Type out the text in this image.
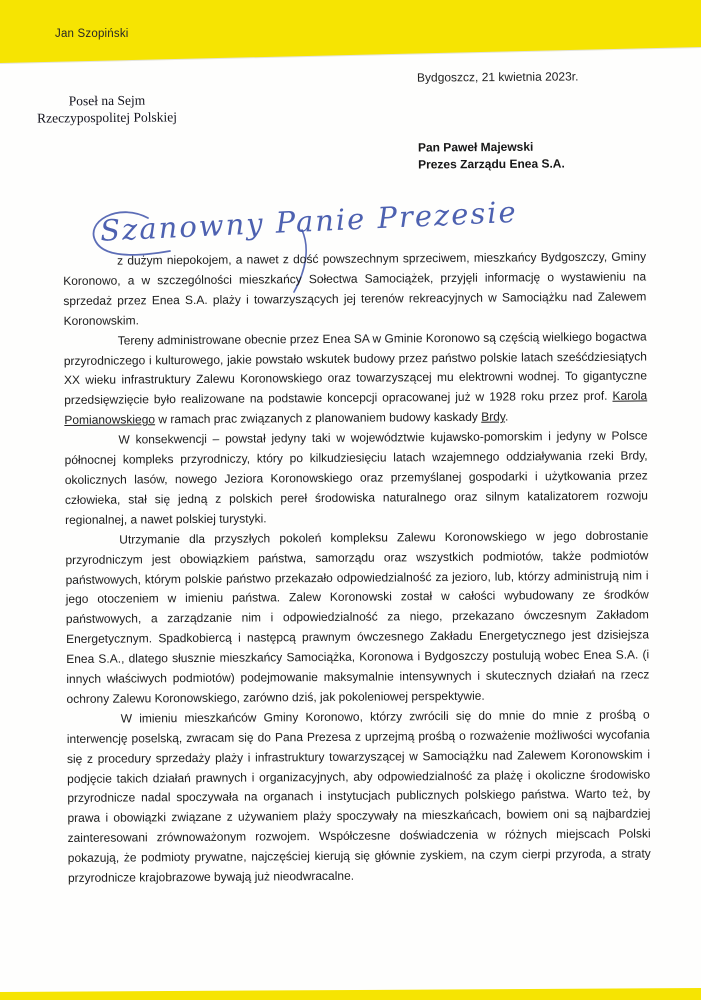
Jan Szopiński
Bydgoszcz, 21 kwietnia 2023r.
Poseł na Sejm
Rzeczypospolitej Polskiej
Pan Paweł Majewski
Prezes Zarządu Enea S.A.
Szanowny Panie Prezesie

z dużym niepokojem, a nawet z dość powszechnym sprzeciwem, mieszkańcy Bydgoszczy, Gminy Koronowo, a w szczególności mieszkańcy Sołectwa Samociążek, przyjęli informację o wystawieniu na sprzedaż przez Enea S.A. plaży i towarzyszących jej terenów rekreacyjnych w Samociążku nad Zalewem Koronowskim.

Tereny administrowane obecnie przez Enea SA w Gminie Koronowo są częścią wielkiego bogactwa przyrodniczego i kulturowego, jakie powstało wskutek budowy przez państwo polskie latach sześćdziesiątych XX wieku infrastruktury Zalewu Koronowskiego oraz towarzyszącej mu elektrowni wodnej. To gigantyczne przedsięwzięcie było realizowane na podstawie koncepcji opracowanej już w 1928 roku przez prof. Karola Pomianowskiego w ramach prac związanych z planowaniem budowy kaskady Brdy.

W konsekwencji – powstał jedyny taki w województwie kujawsko-pomorskim i jedyny w Polsce północnej kompleks przyrodniczy, który po kilkudziesięciu latach wzajemnego oddziaływania rzeki Brdy, okolicznych lasów, nowego Jeziora Koronowskiego oraz przemyślanej gospodarki i użytkowania przez człowieka, stał się jedną z polskich pereł środowiska naturalnego oraz silnym katalizatorem rozwoju regionalnej, a nawet polskiej turystyki.

Utrzymanie dla przyszłych pokoleń kompleksu Zalewu Koronowskiego w jego dobrostanie przyrodniczym jest obowiązkiem państwa, samorządu oraz wszystkich podmiotów, także podmiotów państwowych, którym polskie państwo przekazało odpowiedzialność za jezioro, lub, którzy administrują nim i jego otoczeniem w imieniu państwa. Zalew Koronowski został w całości wybudowany ze środków państwowych, a zarządzanie nim i odpowiedzialność za niego, przekazano ówczesnym Zakładom Energetycznym. Spadkobiercą i następcą prawnym ówczesnego Zakładu Energetycznego jest dzisiejsza Enea S.A., dlatego słusznie mieszkańcy Samociążka, Koronowa i Bydgoszczy postulują wobec Enea S.A. (i innych właściwych podmiotów) podejmowanie maksymalnie intensywnych i skutecznych działań na rzecz ochrony Zalewu Koronowskiego, zarówno dziś, jak pokoleniowej perspektywie.

W imieniu mieszkańców Gminy Koronowo, którzy zwrócili się do mnie do mnie z prośbą o interwencję poselską, zwracam się do Pana Prezesa z uprzejmą prośbą o rozważenie możliwości wycofania się z procedury sprzedaży plaży i infrastruktury towarzyszącej w Samociążku nad Zalewem Koronowskim i podjęcie takich działań prawnych i organizacyjnych, aby odpowiedzialność za plażę i okoliczne środowisko przyrodnicze nadal spoczywała na organach i instytucjach publicznych polskiego państwa. Warto też, by prawa i obowiązki związane z używaniem plaży spoczywały na mieszkańcach, bowiem oni są najbardziej zainteresowani zrównoważonym rozwojem. Współczesne doświadczenia w różnych miejscach Polski pokazują, że podmioty prywatne, najczęściej kierują się głównie zyskiem, na czym cierpi przyroda, a straty przyrodnicze krajobrazowe bywają już nieodwracalne.
